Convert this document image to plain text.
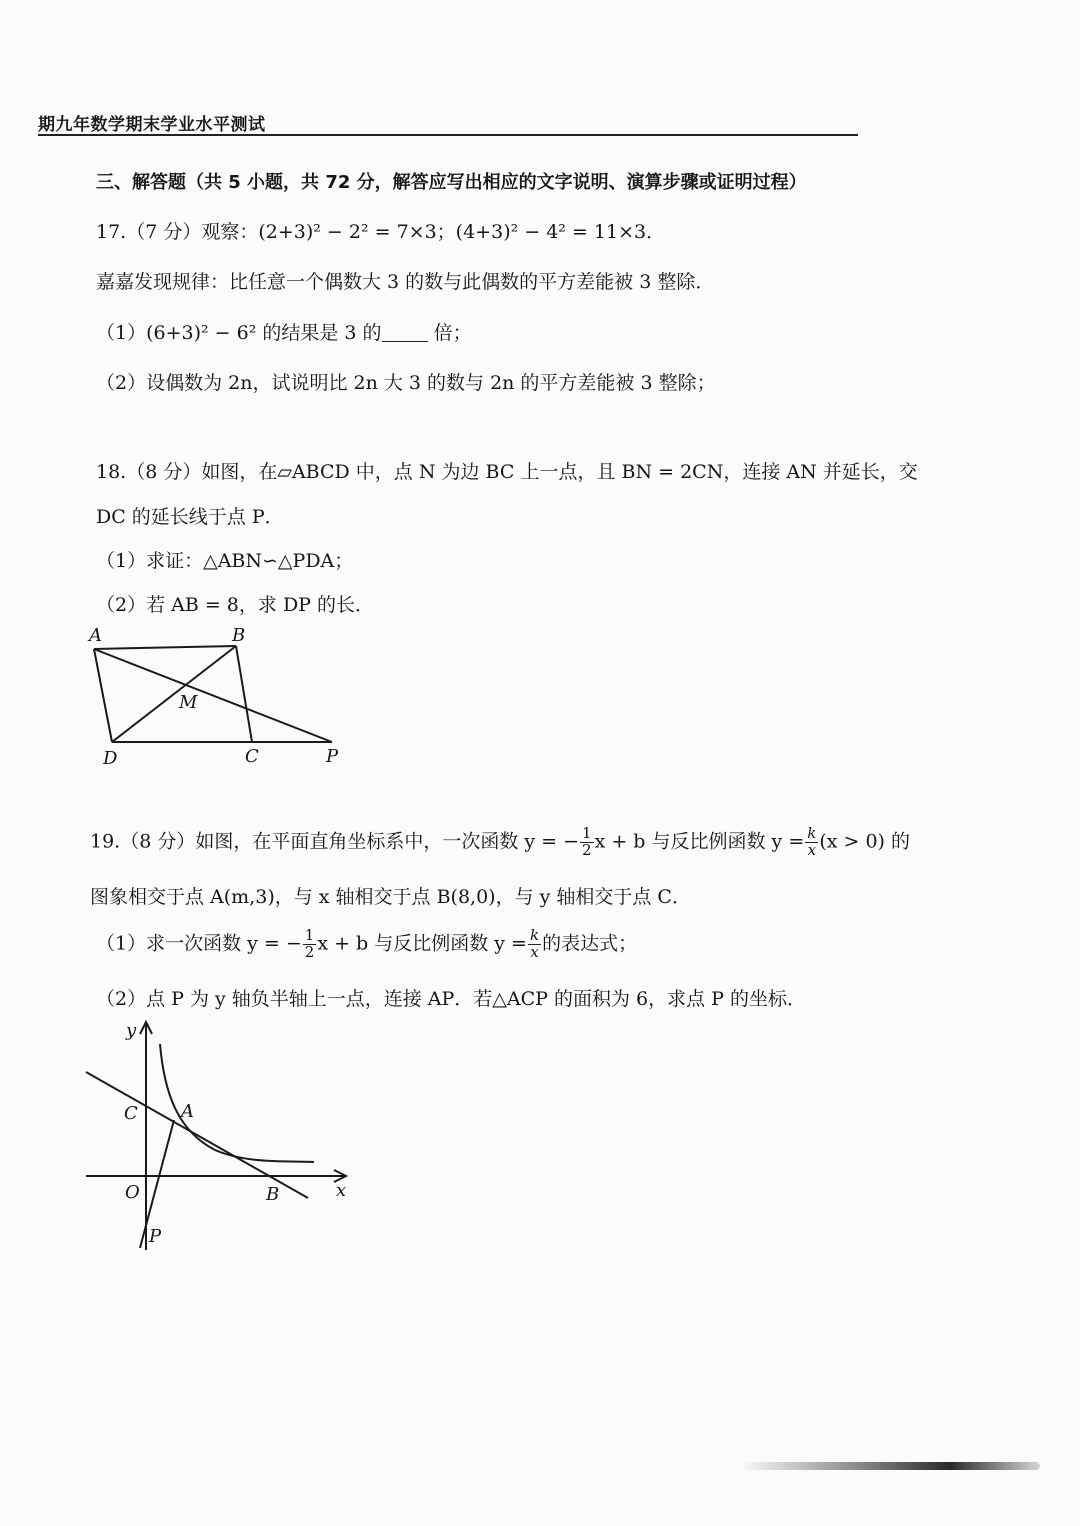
期九年数学期末学业水平测试
三、解答题（共 5 小题，共 72 分，解答应写出相应的文字说明、演算步骤或证明过程）
17.（7 分）观察：(2+3)² − 2² = 7×3；(4+3)² − 4² = 11×3．
嘉嘉发现规律：比任意一个偶数大 3 的数与此偶数的平方差能被 3 整除．
（1）(6+3)² − 6² 的结果是 3 的	倍；
（2）设偶数为 2n，试说明比 2n 大 3 的数与 2n 的平方差能被 3 整除；
18.（8 分）如图，在▱ABCD 中，点 N 为边 BC 上一点，且 BN = 2CN，连接 AN 并延长，交
DC 的延长线于点 P．
（1）求证：△ABN∽△PDA；
（2）若 AB = 8，求 DP 的长．
A	B
M
D	C	P
19.（8 分）如图，在平面直角坐标系中，一次函数 y = − $\frac{1}{2}$ x + b 与反比例函数 $y = \frac{k}{x} (x > 0)$ 的
图象相交于点 A(m,3)，与 x 轴相交于点 B(8,0)，与 y 轴相交于点 C．
（1）求一次函数 y = − $\frac{1}{2}$ x + b 与反比例函数 $y = \frac{k}{x}$ 的表达式；
（2）点 P 为 y 轴负半轴上一点，连接 AP．若△ACP 的面积为 6，求点 P 的坐标．
y
x
C A
O	B
P
